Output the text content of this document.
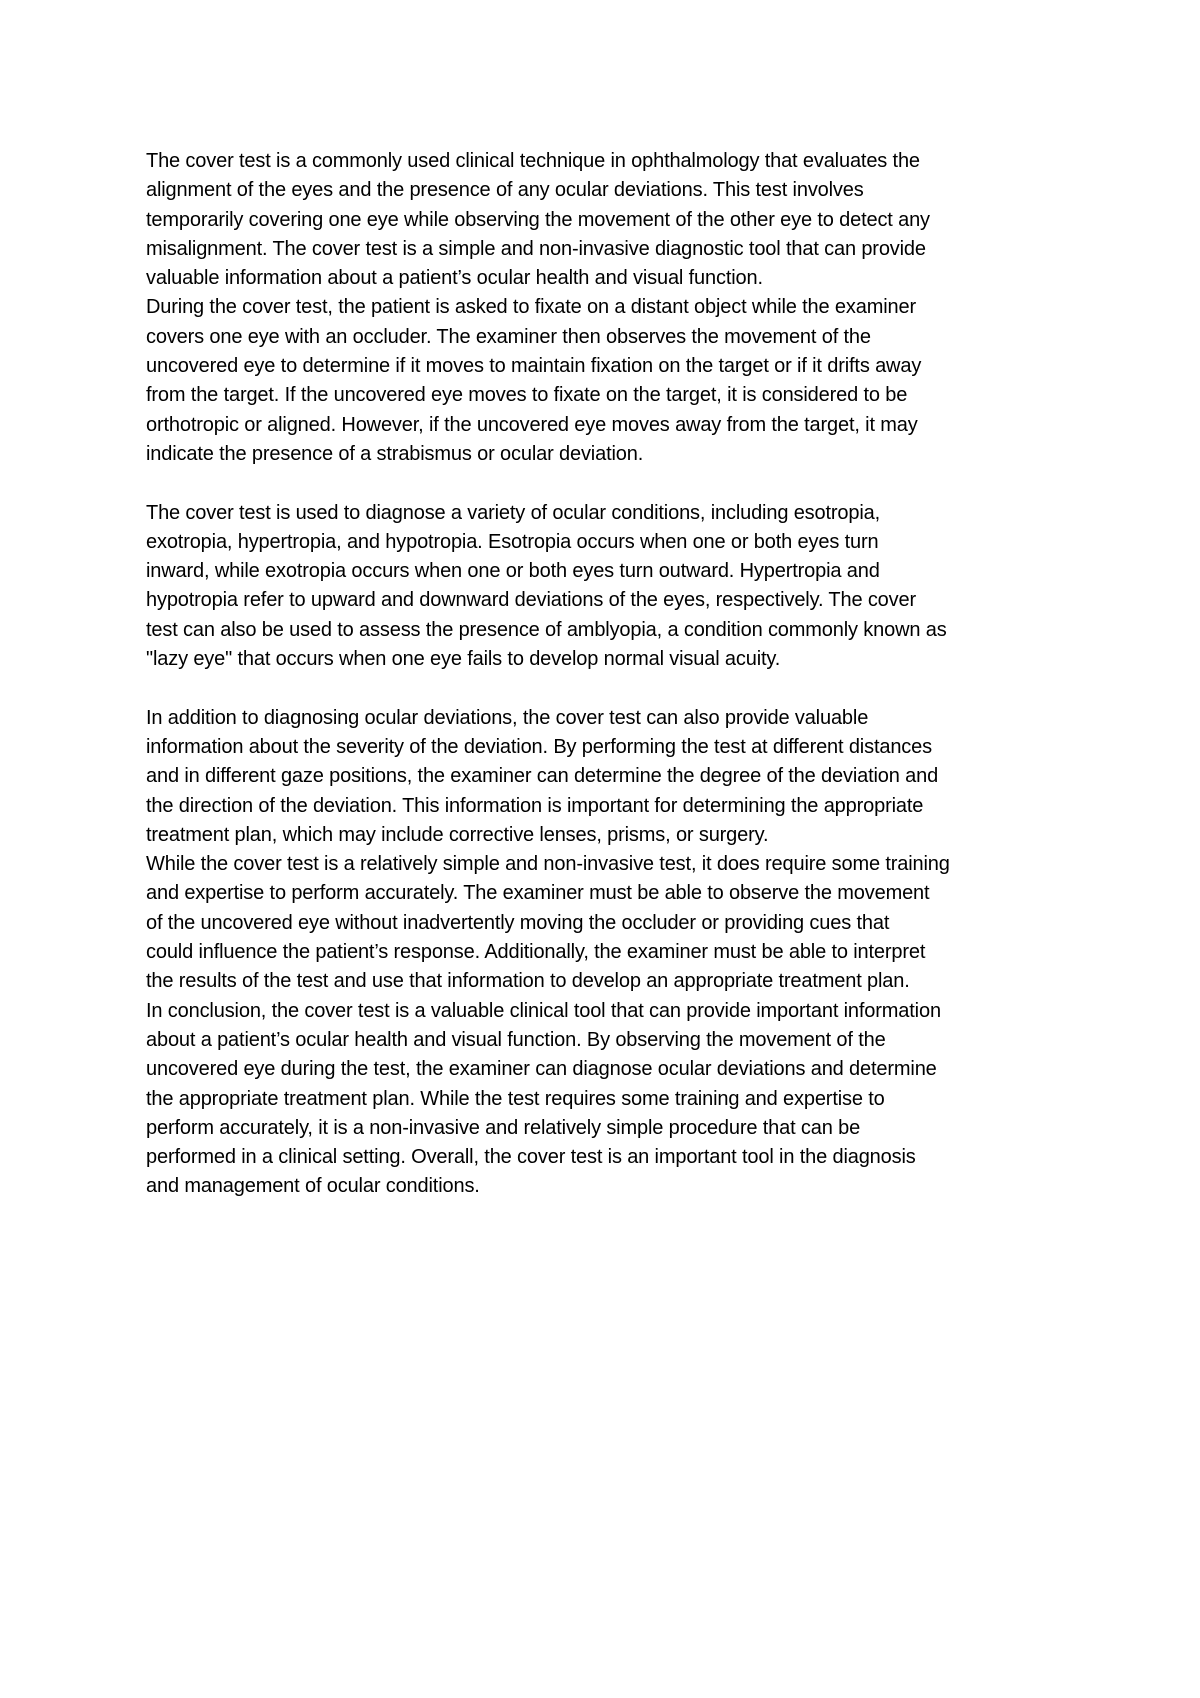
The cover test is a commonly used clinical technique in ophthalmology that evaluates the
alignment of the eyes and the presence of any ocular deviations. This test involves
temporarily covering one eye while observing the movement of the other eye to detect any
misalignment. The cover test is a simple and non-invasive diagnostic tool that can provide
valuable information about a patient’s ocular health and visual function.

During the cover test, the patient is asked to fixate on a distant object while the examiner
covers one eye with an occluder. The examiner then observes the movement of the
uncovered eye to determine if it moves to maintain fixation on the target or if it drifts away
from the target. If the uncovered eye moves to fixate on the target, it is considered to be
orthotropic or aligned. However, if the uncovered eye moves away from the target, it may
indicate the presence of a strabismus or ocular deviation.

The cover test is used to diagnose a variety of ocular conditions, including esotropia,
exotropia, hypertropia, and hypotropia. Esotropia occurs when one or both eyes turn
inward, while exotropia occurs when one or both eyes turn outward. Hypertropia and
hypotropia refer to upward and downward deviations of the eyes, respectively. The cover
test can also be used to assess the presence of amblyopia, a condition commonly known as
"lazy eye" that occurs when one eye fails to develop normal visual acuity.

In addition to diagnosing ocular deviations, the cover test can also provide valuable
information about the severity of the deviation. By performing the test at different distances
and in different gaze positions, the examiner can determine the degree of the deviation and
the direction of the deviation. This information is important for determining the appropriate
treatment plan, which may include corrective lenses, prisms, or surgery.

While the cover test is a relatively simple and non-invasive test, it does require some training
and expertise to perform accurately. The examiner must be able to observe the movement
of the uncovered eye without inadvertently moving the occluder or providing cues that
could influence the patient’s response. Additionally, the examiner must be able to interpret
the results of the test and use that information to develop an appropriate treatment plan.

In conclusion, the cover test is a valuable clinical tool that can provide important information
about a patient’s ocular health and visual function. By observing the movement of the
uncovered eye during the test, the examiner can diagnose ocular deviations and determine
the appropriate treatment plan. While the test requires some training and expertise to
perform accurately, it is a non-invasive and relatively simple procedure that can be
performed in a clinical setting. Overall, the cover test is an important tool in the diagnosis
and management of ocular conditions.
